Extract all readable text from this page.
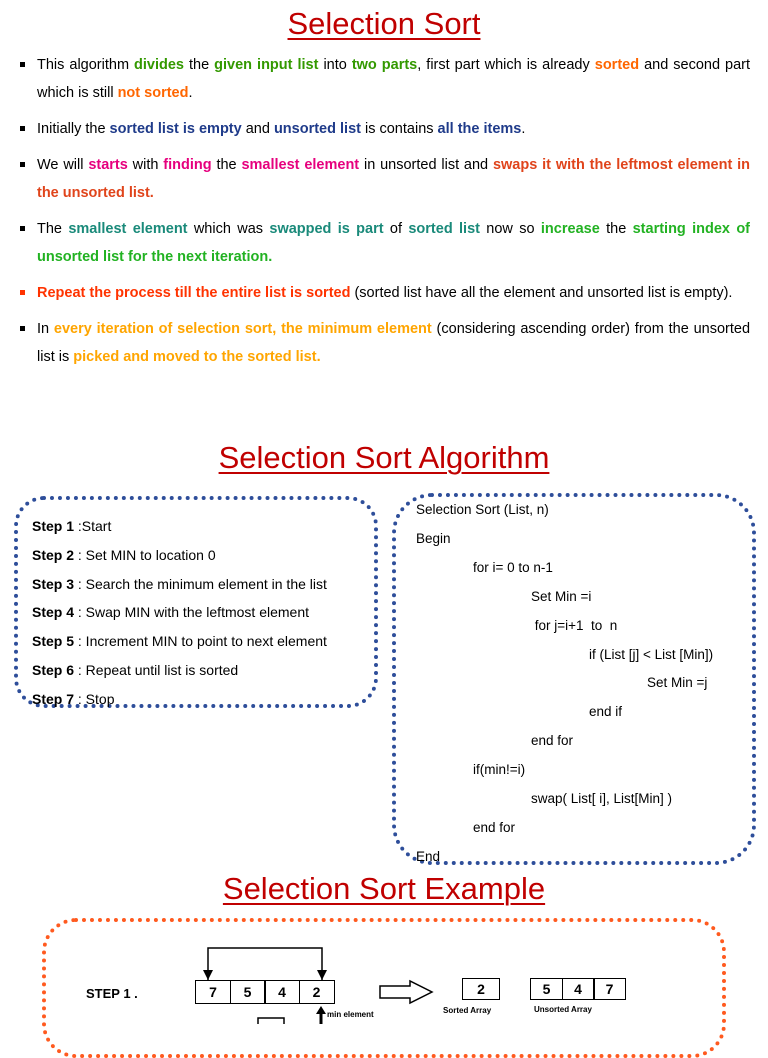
Selection Sort
This algorithm divides the given input list into two parts, first part which is already sorted and second part which is still not sorted.
Initially the sorted list is empty and unsorted list is contains all the items.
We will starts with finding the smallest element in unsorted list and swaps it with the leftmost element in the unsorted list.
The smallest element which was swapped is part of sorted list now so increase the starting index of unsorted list for the next iteration.
Repeat the process till the entire list is sorted (sorted list have all the element and unsorted list is empty).
In every iteration of selection sort, the minimum element (considering ascending order) from the unsorted list is picked and moved to the sorted list.
Selection Sort Algorithm
Step 1 :Start
Step 2 : Set MIN to location 0
Step 3 : Search the minimum element in the list
Step 4 : Swap MIN with the leftmost element
Step 5 : Increment MIN to point to next element
Step 6 : Repeat until list is sorted
Step 7 : Stop
Selection Sort (List, n)
Begin
for i= 0 to n-1
Set Min =i
for j=i+1  to  n
if (List [j] < List [Min])
Set Min =j
end if
end for
if(min!=i)
swap( List[ i], List[Min] )
end for
End
Selection Sort Example
STEP 1 .	7	5	4	2	2	5	4	7
Sorted Array	Unsorted Array
min element
